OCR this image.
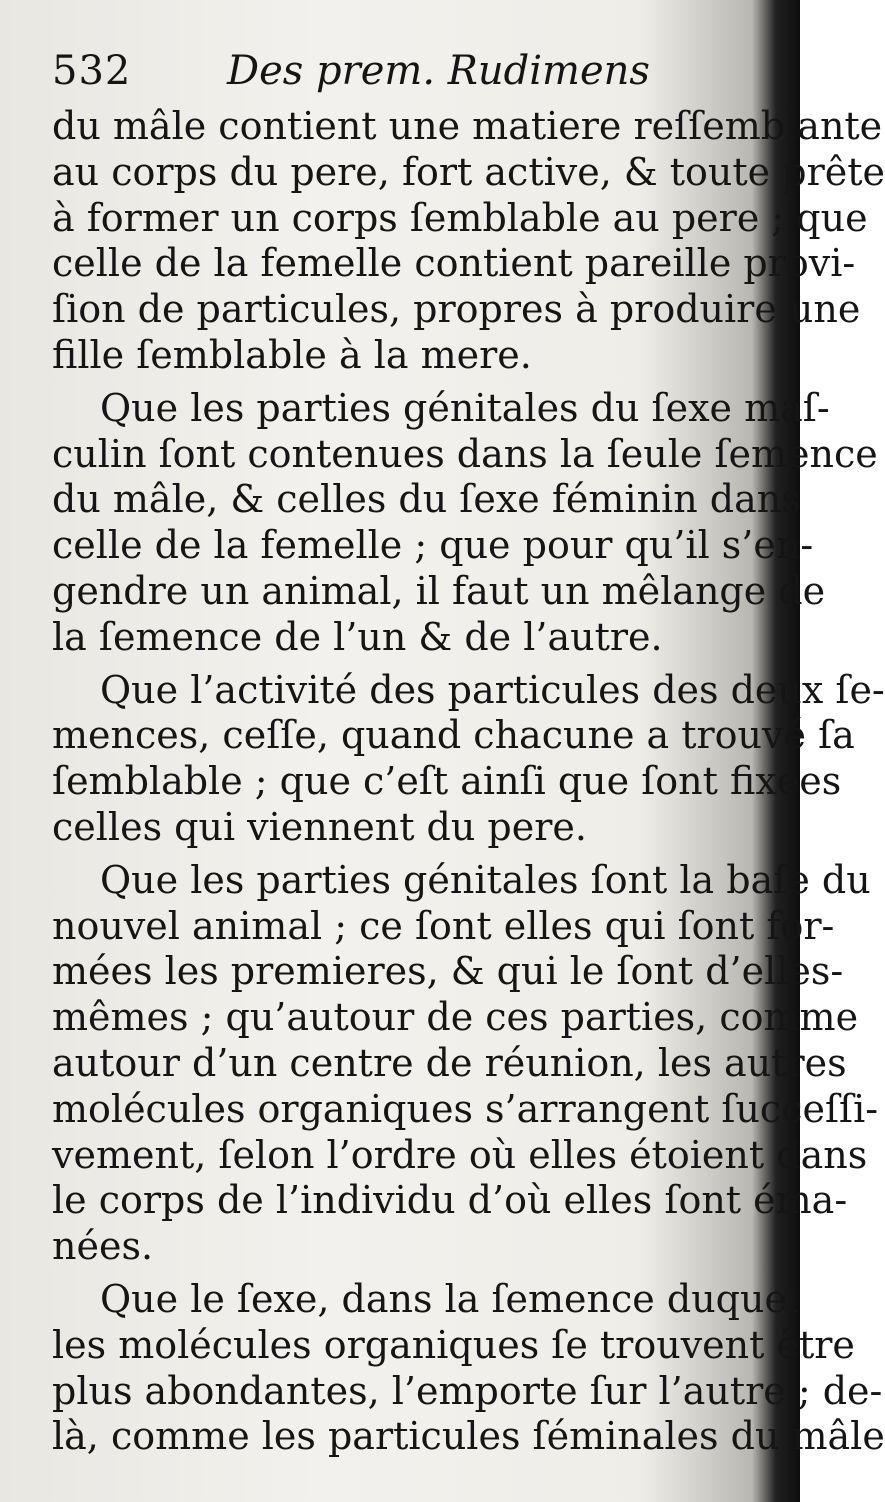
532 Des prem. Rudimens
du mâle contient une matiere reſſemblante
au corps du pere, fort active, & toute prête
à former un corps ſemblable au pere ; que
celle de la femelle contient pareille provi-
ſion de particules, propres à produire une
fille ſemblable à la mere.
Que les parties génitales du ſexe maſ-
culin ſont contenues dans la ſeule ſemence
du mâle, & celles du ſexe féminin dans
celle de la femelle ; que pour qu’il s’en-
gendre un animal, il faut un mêlange de
la ſemence de l’un & de l’autre.
Que l’activité des particules des deux ſe-
mences, ceſſe, quand chacune a trouvé ſa
ſemblable ; que c’eſt ainſi que ſont fixées
celles qui viennent du pere.
Que les parties génitales ſont la baſe du
nouvel animal ; ce ſont elles qui ſont for-
mées les premieres, & qui le ſont d’elles-
mêmes ; qu’autour de ces parties, comme
autour d’un centre de réunion, les autres
molécules organiques s’arrangent ſucceſſi-
vement, ſelon l’ordre où elles étoient dans
le corps de l’individu d’où elles ſont éma-
nées.
Que le ſexe, dans la ſemence duquel
les molécules organiques ſe trouvent être
plus abondantes, l’emporte ſur l’autre ; de-
là, comme les particules ſéminales du mâle
